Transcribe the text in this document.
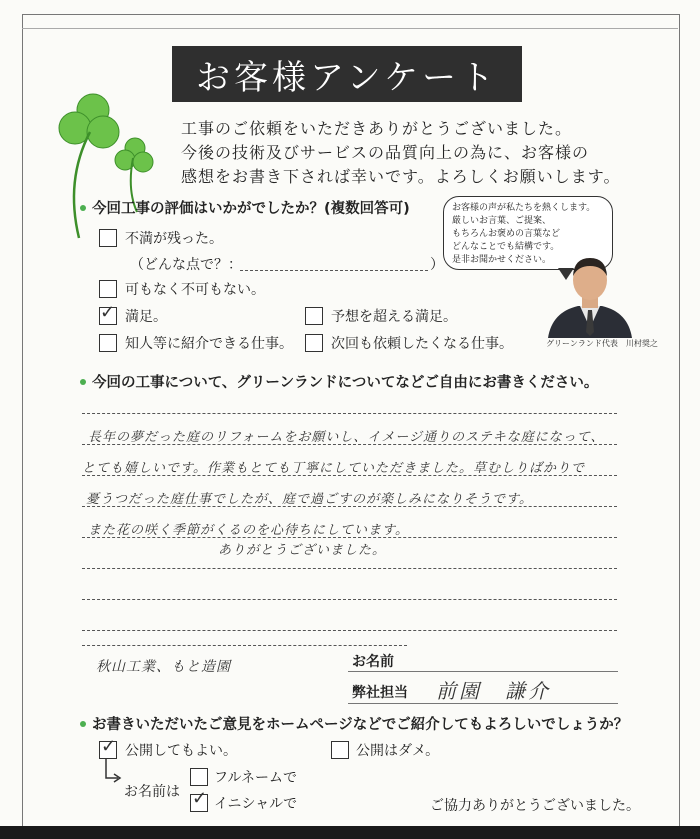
お客様アンケート
工事のご依頼をいただきありがとうございました。
今後の技術及びサービスの品質向上の為に、お客様の
感想をお書き下されば幸いです。よろしくお願いします。
今回工事の評価はいかがでしたか？(複数回答可)
不満が残った。
（どんな点で？：	）
可もなく不可もない。
✓ 満足。	予想を超える満足。
知人等に紹介できる仕事。	次回も依頼したくなる仕事。
お客様の声が私たちを熱くします。
厳しいお言葉、ご提案、
もちろんお褒めの言葉など
どんなことでも結構です。
是非お聞かせください。
グリーンランド代表　川村奨之
今回の工事について、グリーンランドについてなどご自由にお書きください。
長年の夢だった庭のリフォームをお願いし、イメージ通りのステキな庭になって、
とても嬉しいです。作業もとても丁寧にしていただきました。草むしりばかりで
憂うつだった庭仕事でしたが、庭で過ごすのが楽しみになりそうです。
また花の咲く季節がくるのを心待ちにしています。
ありがとうございました。
秋山工業、もと造園	お名前
弊社担当 前園　謙介
お書きいただいたご意見をホームページなどでご紹介してもよろしいでしょうか？
✓ 公開してもよい。	公開はダメ。
お名前は
フルネームで
✓ イニシャルで	ご協力ありがとうございました。
